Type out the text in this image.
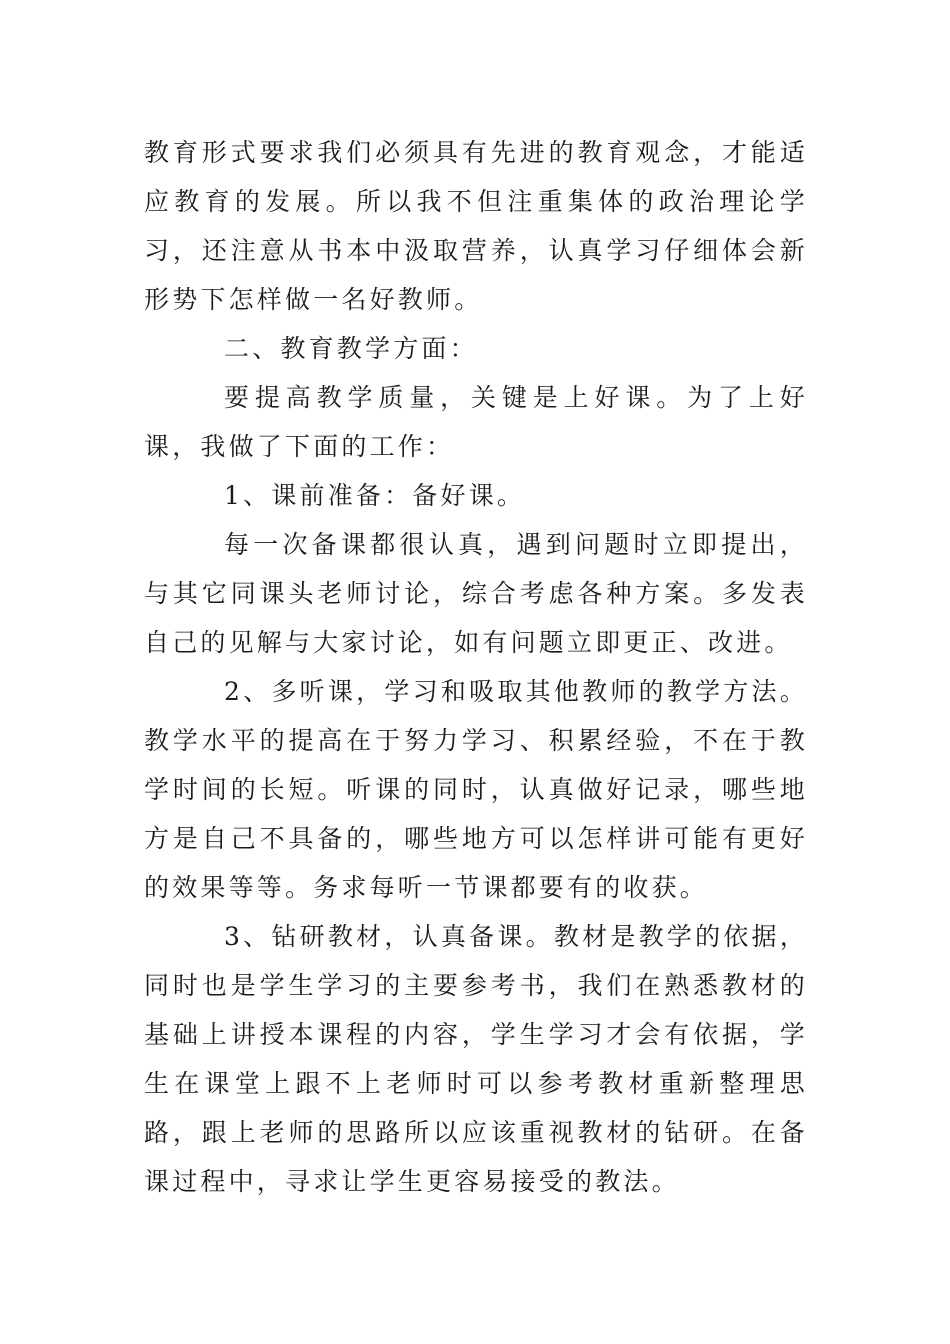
教育形式要求我们必须具有先进的教育观念，才能适应教育的发展。所以我不但注重集体的政治理论学习，还注意从书本中汲取营养，认真学习仔细体会新形势下怎样做一名好教师。

二、教育教学方面：

要提高教学质量，关键是上好课。为了上好课，我做了下面的工作：

1、课前准备：备好课。

每一次备课都很认真，遇到问题时立即提出，与其它同课头老师讨论，综合考虑各种方案。多发表自己的见解与大家讨论，如有问题立即更正、改进。

2、多听课，学习和吸取其他教师的教学方法。教学水平的提高在于努力学习、积累经验，不在于教学时间的长短。听课的同时，认真做好记录，哪些地方是自己不具备的，哪些地方可以怎样讲可能有更好的效果等等。务求每听一节课都要有的收获。

3、钻研教材，认真备课。教材是教学的依据，同时也是学生学习的主要参考书，我们在熟悉教材的基础上讲授本课程的内容，学生学习才会有依据，学生在课堂上跟不上老师时可以参考教材重新整理思路，跟上老师的思路所以应该重视教材的钻研。在备课过程中，寻求让学生更容易接受的教法。
